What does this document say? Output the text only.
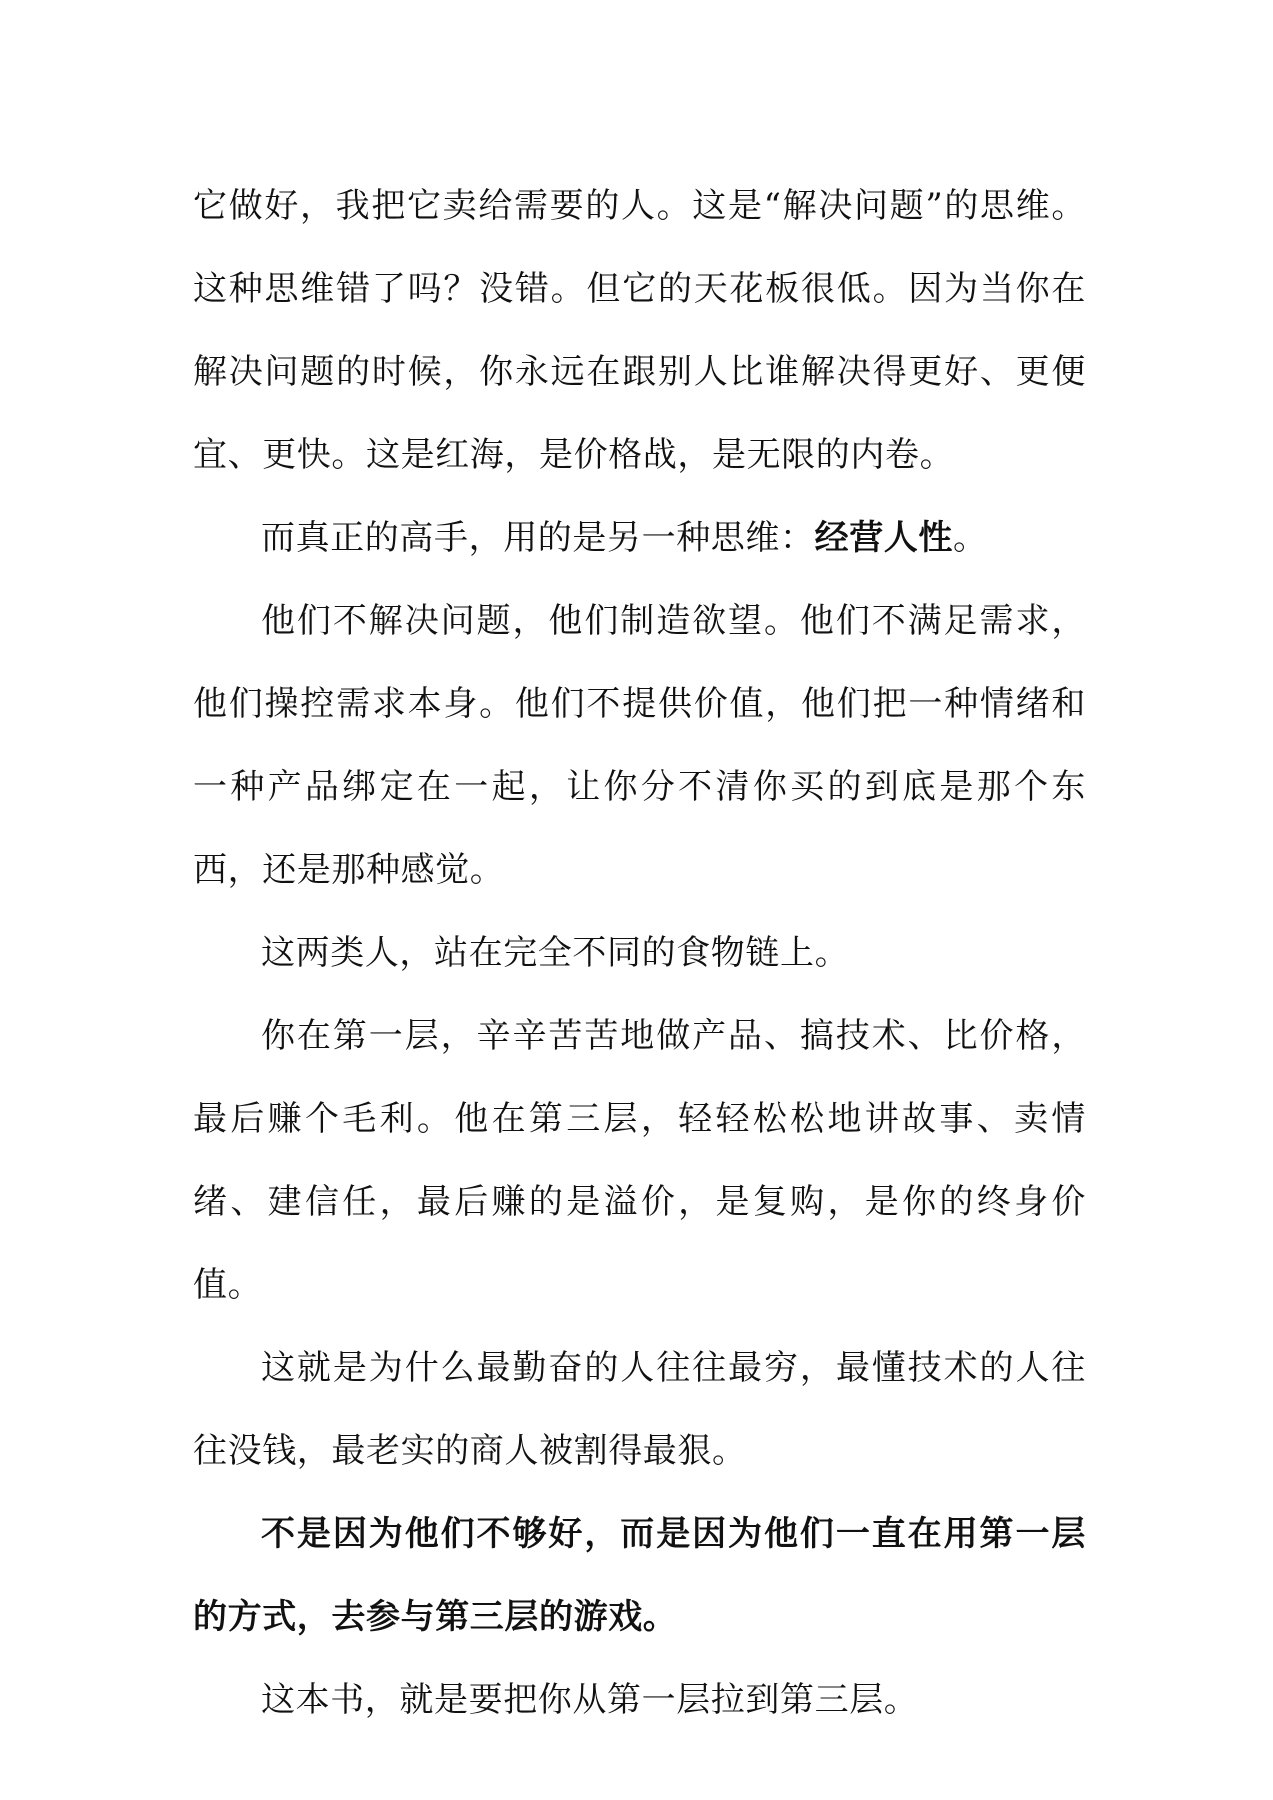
它做好，我把它卖给需要的人。这是“解决问题”的思维。这种思维错了吗？没错。但它的天花板很低。因为当你在解决问题的时候，你永远在跟别人比谁解决得更好、更便宜、更快。这是红海，是价格战，是无限的内卷。

而真正的高手，用的是另一种思维：经营人性。

他们不解决问题，他们制造欲望。他们不满足需求，他们操控需求本身。他们不提供价值，他们把一种情绪和一种产品绑定在一起，让你分不清你买的到底是那个东西，还是那种感觉。

这两类人，站在完全不同的食物链上。

你在第一层，辛辛苦苦地做产品、搞技术、比价格，最后赚个毛利。他在第三层，轻轻松松地讲故事、卖情绪、建信任，最后赚的是溢价，是复购，是你的终身价值。

这就是为什么最勤奋的人往往最穷，最懂技术的人往往没钱，最老实的商人被割得最狠。

不是因为他们不够好，而是因为他们一直在用第一层的方式，去参与第三层的游戏。

这本书，就是要把你从第一层拉到第三层。
